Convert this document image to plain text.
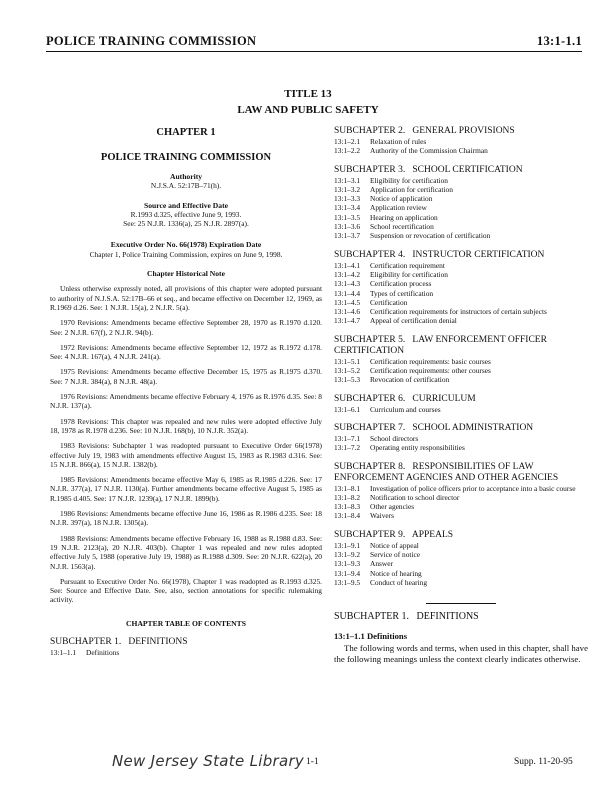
POLICE TRAINING COMMISSION	13:1-1.1
TITLE 13
LAW AND PUBLIC SAFETY
CHAPTER 1
POLICE TRAINING COMMISSION
Authority
N.J.S.A. 52:17B–71(h).
Source and Effective Date
R.1993 d.325, effective June 9, 1993.
See: 25 N.J.R. 1336(a), 25 N.J.R. 2897(a).
Executive Order No. 66(1978) Expiration Date
Chapter 1, Police Training Commission, expires on June 9, 1998.
Chapter Historical Note
Unless otherwise expressly noted, all provisions of this chapter were adopted pursuant to authority of N.J.S.A. 52:17B–66 et seq., and became effective on December 12, 1969, as R.1969 d.26. See: 1 N.J.R. 15(a), 2 N.J.R. 5(a).
1970 Revisions: Amendments became effective September 28, 1970 as R.1970 d.120. See: 2 N.J.R. 67(f), 2 N.J.R. 94(b).
1972 Revisions: Amendments became effective September 12, 1972 as R.1972 d.178. See: 4 N.J.R. 167(a), 4 N.J.R. 241(a).
1975 Revisions: Amendments became effective December 15, 1975 as R.1975 d.370. See: 7 N.J.R. 384(a), 8 N.J.R. 48(a).
1976 Revisions: Amendments became effective February 4, 1976 as R.1976 d.35. See: 8 N.J.R. 137(a).
1978 Revisions: This chapter was repealed and new rules were adopted effective July 18, 1978 as R.1978 d.236. See: 10 N.J.R. 168(b), 10 N.J.R. 352(a).
1983 Revisions: Subchapter 1 was readopted pursuant to Executive Order 66(1978) effective July 19, 1983 with amendments effective August 15, 1983 as R.1983 d.316. See: 15 N.J.R. 866(a), 15 N.J.R. 1382(b).
1985 Revisions: Amendments became effective May 6, 1985 as R.1985 d.226. See: 17 N.J.R. 377(a), 17 N.J.R. 1130(a). Further amendments became effective August 5, 1985 as R.1985 d.405. See: 17 N.J.R. 1239(a), 17 N.J.R. 1899(b).
1986 Revisions: Amendments became effective June 16, 1986 as R.1986 d.235. See: 18 N.J.R. 397(a), 18 N.J.R. 1305(a).
1988 Revisions: Amendments became effective February 16, 1988 as R.1988 d.83. See: 19 N.J.R. 2123(a), 20 N.J.R. 403(b). Chapter 1 was repealed and new rules adopted effective July 5, 1988 (operative July 19, 1988) as R.1988 d.309. See: 20 N.J.R. 622(a), 20 N.J.R. 1563(a).
Pursuant to Executive Order No. 66(1978), Chapter 1 was readopted as R.1993 d.325. See: Source and Effective Date. See, also, section annotations for specific rulemaking activity.
CHAPTER TABLE OF CONTENTS
SUBCHAPTER 1.   DEFINITIONS
13:1–1.1	Definitions
SUBCHAPTER 2.   GENERAL PROVISIONS
13:1–2.1	Relaxation of rules
13:1–2.2	Authority of the Commission Chairman
SUBCHAPTER 3.   SCHOOL CERTIFICATION
13:1–3.1	Eligibility for certification
13:1–3.2	Application for certification
13:1–3.3	Notice of application
13:1–3.4	Application review
13:1–3.5	Hearing on application
13:1–3.6	School recertification
13:1–3.7	Suspension or revocation of certification
SUBCHAPTER 4.   INSTRUCTOR CERTIFICATION
13:1–4.1	Certification requirement
13:1–4.2	Eligibility for certification
13:1–4.3	Certification process
13:1–4.4	Types of certification
13:1–4.5	Certification
13:1–4.6	Certification requirements for instructors of certain subjects
13:1–4.7	Appeal of certification denial
SUBCHAPTER 5.   LAW ENFORCEMENT OFFICER CERTIFICATION
13:1–5.1	Certification requirements: basic courses
13:1–5.2	Certification requirements: other courses
13:1–5.3	Revocation of certification
SUBCHAPTER 6.   CURRICULUM
13:1–6.1	Curriculum and courses
SUBCHAPTER 7.   SCHOOL ADMINISTRATION
13:1–7.1	School directors
13:1–7.2	Operating entity responsibilities
SUBCHAPTER 8.   RESPONSIBILITIES OF LAW ENFORCEMENT AGENCIES AND OTHER AGENCIES
13:1–8.1	Investigation of police officers prior to acceptance into a basic course
13:1–8.2	Notification to school director
13:1–8.3	Other agencies
13:1–8.4	Waivers
SUBCHAPTER 9.   APPEALS
13:1–9.1	Notice of appeal
13:1–9.2	Service of notice
13:1–9.3	Answer
13:1–9.4	Notice of hearing
13:1–9.5	Conduct of hearing
SUBCHAPTER 1.   DEFINITIONS
13:1–1.1 Definitions
The following words and terms, when used in this chapter, shall have the following meanings unless the context clearly indicates otherwise.
New Jersey State Library 1-1	Supp. 11-20-95
